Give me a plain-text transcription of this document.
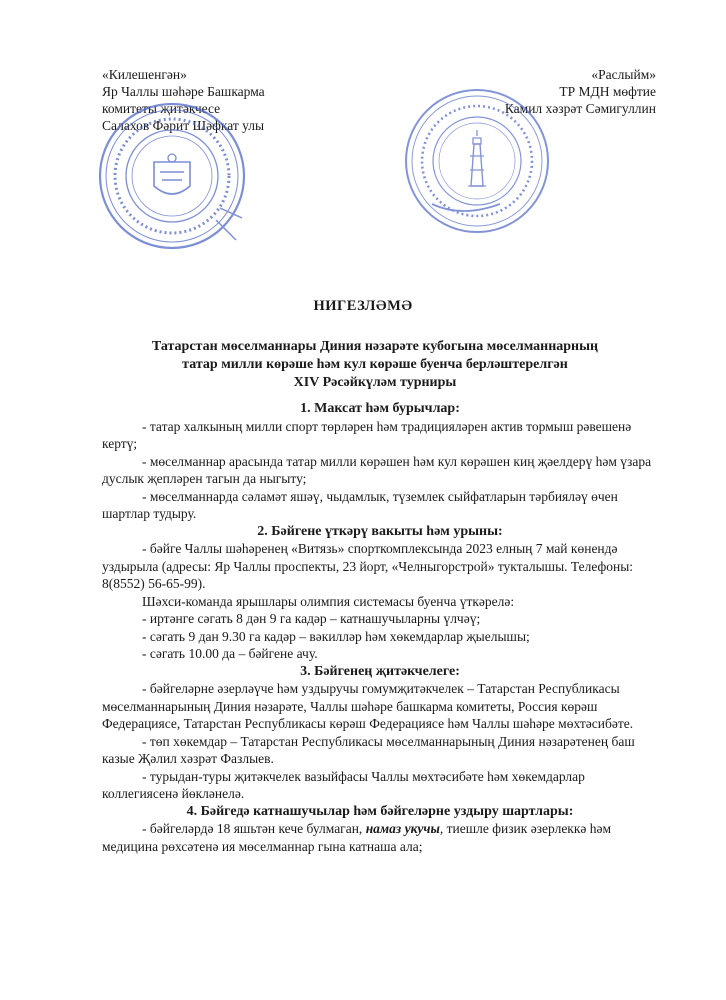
«Килешенгән»
Яр Чаллы шәһәре Башкарма
комитеты җитәкчесе
Салахов Фәрит Шәфкат улы
«Раслыйм»
ТР МДН мөфтие
Камил хәзрәт Сәмигуллин
НИГЕЗЛӘМӘ
Татарстан мөселманнары Диния нәзарәте кубогына мөселманнарның
татар милли көрәше һәм кул көрәше буенча берләштерелгән
XIV Рәсәйкүләм турниры

1. Максат һәм бурычлар:

- татар халкының милли спорт төрләрен һәм традицияләрен актив тормыш рәвешенә кертү;

- мөселманнар арасында татар милли көрәшен һәм кул көрәшен киң җәелдерү һәм үзара дуслык җепләрен тагын да ныгыту;

- мөселманнарда сәламәт яшәү, чыдамлык, түземлек сыйфатларын тәрбияләү өчен шартлар тудыру.

2. Бәйгене үткәрү вакыты һәм урыны:

- бәйге Чаллы шәһәренең «Витязь» спорткомплексында 2023 елның 7 май көнендә уздырыла (адресы: Яр Чаллы проспекты, 23 йорт, «Челныгорстрой» тукталышы. Телефоны: 8(8552) 56-65-99).

Шәхси-команда ярышлары олимпия системасы буенча үткәрелә:

- иртәнге сәгать 8 дән 9 га кадәр – катнашучыларны үлчәү;

- сәгать 9 дан 9.30 га кадәр – вәкилләр һәм хөкемдарлар җыелышы;

- сәгать 10.00 да – бәйгене ачу.

3. Бәйгенең җитәкчелеге:

- бәйгеләрне әзерләүче һәм уздыручы гомумҗитәкчелек – Татарстан Республикасы мөселманнарының Диния нәзарәте, Чаллы шәһәре башкарма комитеты, Россия көрәш Федерациясе, Татарстан Республикасы көрәш Федерациясе һәм Чаллы шәһәре мөхтәсибәте.

- төп хөкемдар – Татарстан Республикасы мөселманнарының Диния нәзарәтенең баш казые Җәлил хәзрәт Фазлыев.

- турыдан-туры җитәкчелек вазыйфасы Чаллы мөхтәсибәте һәм хөкемдарлар коллегиясенә йөкләнелә.

4. Бәйгедә катнашучылар һәм бәйгеләрне уздыру шартлары:

- бәйгеләрдә 18 яшьтән кече булмаган, намаз укучы, тиешле физик әзерлеккә һәм медицина рөхсәтенә ия мөселманнар гына катнаша ала;
